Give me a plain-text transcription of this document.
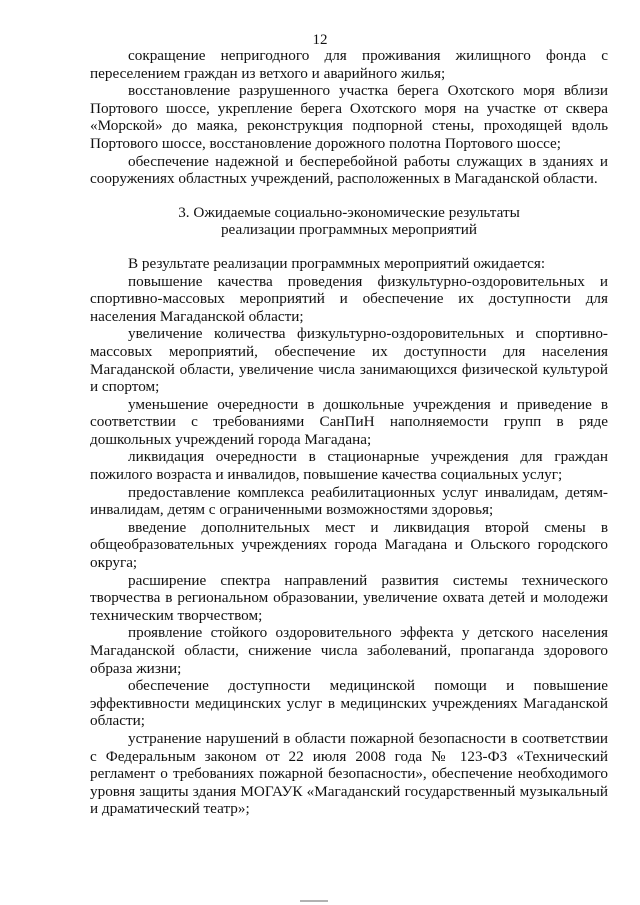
12

сокращение непригодного для проживания жилищного фонда с переселением граждан из ветхого и аварийного жилья;

восстановление разрушенного участка берега Охотского моря вблизи Портового шоссе, укрепление берега Охотского моря на участке от сквера «Морской» до маяка, реконструкция подпорной стены, проходящей вдоль Портового шоссе, восстановление дорожного полотна Портового шоссе;

обеспечение надежной и бесперебойной работы служащих в зданиях и сооружениях областных учреждений, расположенных в Магаданской области.

3. Ожидаемые социально-экономические результаты
реализации программных мероприятий

В результате реализации программных мероприятий ожидается:

повышение качества проведения физкультурно-оздоровительных и спортивно-массовых мероприятий и обеспечение их доступности для населения Магаданской области;

увеличение количества физкультурно-оздоровительных и спортивно-массовых мероприятий, обеспечение их доступности для населения Магаданской области, увеличение числа занимающихся физической культурой и спортом;

уменьшение очередности в дошкольные учреждения и приведение в соответствии с требованиями СанПиН наполняемости групп в ряде дошкольных учреждений города Магадана;

ликвидация очередности в стационарные учреждения для граждан пожилого возраста и инвалидов, повышение качества социальных услуг;

предоставление комплекса реабилитационных услуг инвалидам, детям-инвалидам, детям с ограниченными возможностями здоровья;

введение дополнительных мест и ликвидация второй смены в общеобразовательных учреждениях города Магадана и Ольского городского округа;

расширение спектра направлений развития системы технического творчества в региональном образовании, увеличение охвата детей и молодежи техническим творчеством;

проявление стойкого оздоровительного эффекта у детского населения Магаданской области, снижение числа заболеваний, пропаганда здорового образа жизни;

обеспечение доступности медицинской помощи и повышение эффективности медицинских услуг в медицинских учреждениях Магаданской области;

устранение нарушений в области пожарной безопасности в соответствии с Федеральным законом от 22 июля 2008 года № 123-ФЗ «Технический регламент о требованиях пожарной безопасности», обеспечение необходимого уровня защиты здания МОГАУК «Магаданский государственный музыкальный и драматический театр»;
